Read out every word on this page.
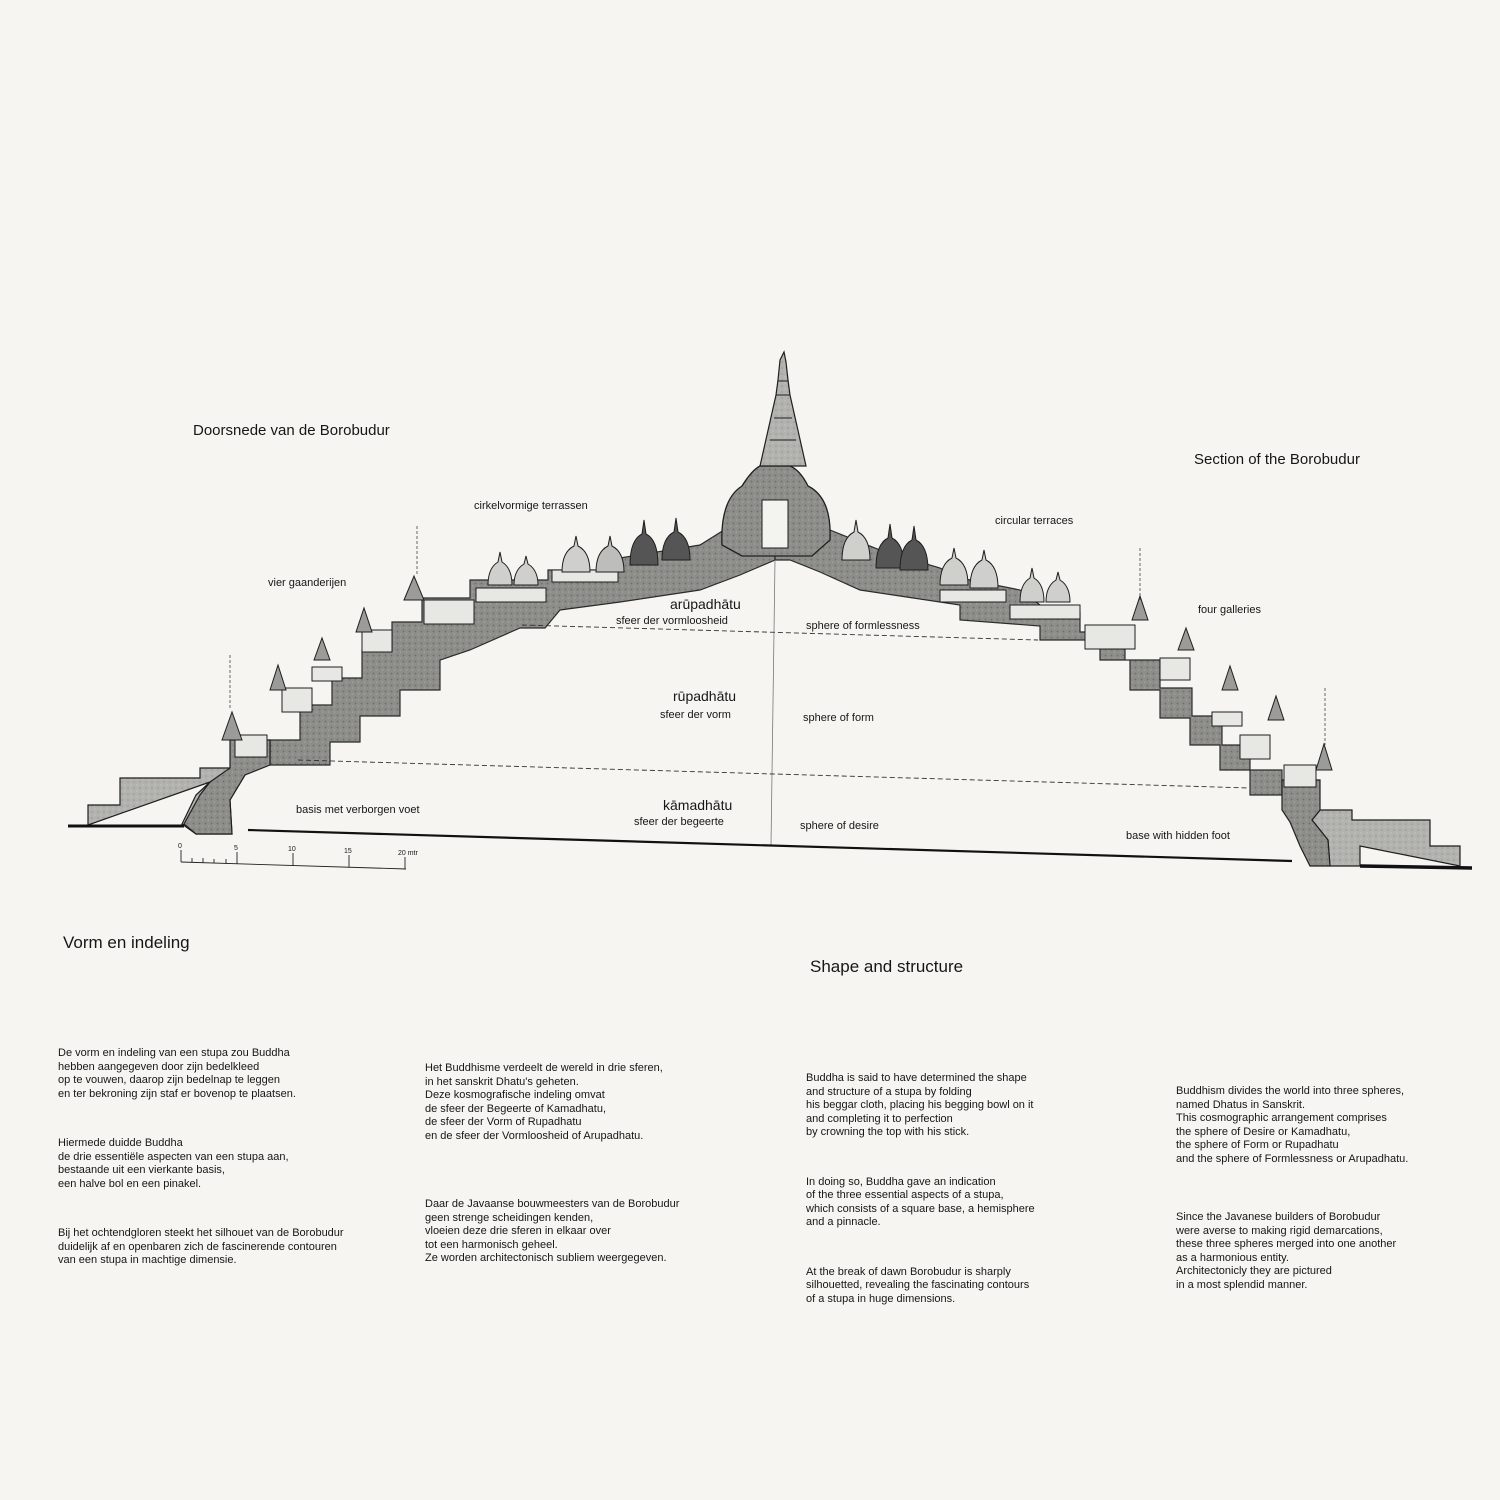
0	5	10	15	20 mtr
Doorsnede van de Borobudur
Section of the Borobudur
cirkelvormige terrassen
circular terraces
vier gaanderijen
four galleries
basis met verborgen voet
base with hidden foot
arūpadhātu
sfeer der vormloosheid	sphere of formlessness
rūpadhātu
sfeer der vorm	sphere of form
kāmadhātu
sfeer der begeerte	sphere of desire
Vorm en indeling
Shape and structure

De vorm en indeling van een stupa zou Buddha
hebben aangegeven door zijn bedelkleed
op te vouwen, daarop zijn bedelnap te leggen
en ter bekroning zijn staf er bovenop te plaatsen.

Hiermede duidde Buddha
de drie essentiële aspecten van een stupa aan,
bestaande uit een vierkante basis,
een halve bol en een pinakel.

Bij het ochtendgloren steekt het silhouet van de Borobudur
duidelijk af en openbaren zich de fascinerende contouren
van een stupa in machtige dimensie.

Het Buddhisme verdeelt de wereld in drie sferen,
in het sanskrit Dhatu's geheten.
Deze kosmografische indeling omvat
de sfeer der Begeerte of Kamadhatu,
de sfeer der Vorm of Rupadhatu
en de sfeer der Vormloosheid of Arupadhatu.

Daar de Javaanse bouwmeesters van de Borobudur
geen strenge scheidingen kenden,
vloeien deze drie sferen in elkaar over
tot een harmonisch geheel.
Ze worden architectonisch subliem weergegeven.

Buddha is said to have determined the shape
and structure of a stupa by folding
his beggar cloth, placing his begging bowl on it
and completing it to perfection
by crowning the top with his stick.

In doing so, Buddha gave an indication
of the three essential aspects of a stupa,
which consists of a square base, a hemisphere
and a pinnacle.

At the break of dawn Borobudur is sharply
silhouetted, revealing the fascinating contours
of a stupa in huge dimensions.

Buddhism divides the world into three spheres,
named Dhatus in Sanskrit.
This cosmographic arrangement comprises
the sphere of Desire or Kamadhatu,
the sphere of Form or Rupadhatu
and the sphere of Formlessness or Arupadhatu.

Since the Javanese builders of Borobudur
were averse to making rigid demarcations,
these three spheres merged into one another
as a harmonious entity.
Architectonicly they are pictured
in a most splendid manner.
